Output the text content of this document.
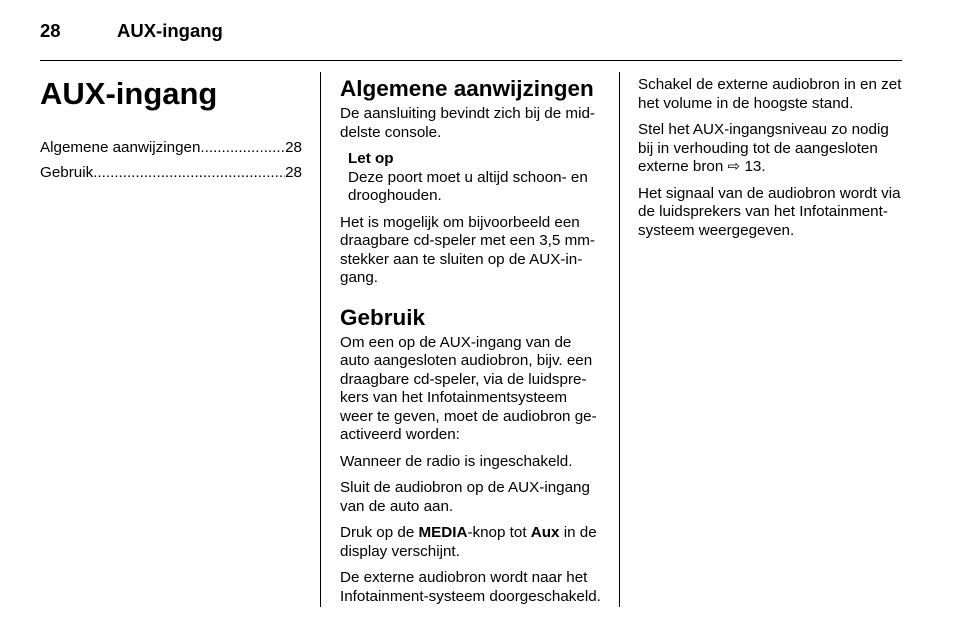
28	AUX-ingang
AUX-ingang
Algemene aanwijzingen .....	28
Gebruik .....	28
Algemene aanwijzingen

De aansluiting bevindt zich bij de middelste console.

Let op
Deze poort moet u altijd schoon- en drooghouden.

Het is mogelijk om bijvoorbeeld een draagbare cd-speler met een 3,5 mm-stekker aan te sluiten op de AUX-ingang.

Gebruik

Om een op de AUX-ingang van de auto aangesloten audiobron, bijv. een draagbare cd-speler, via de luidsprekers van het Infotainmentsysteem weer te geven, moet de audiobron geactiveerd worden:

Wanneer de radio is ingeschakeld.

Sluit de audiobron op de AUX-ingang van de auto aan.

Druk op de MEDIA-knop tot Aux in de display verschijnt.

De externe audiobron wordt naar het Infotainment-systeem doorgeschakeld.

Schakel de externe audiobron in en zet het volume in de hoogste stand.

Stel het AUX-ingangsniveau zo nodig bij in verhouding tot de aangesloten externe bron ⇨ 13.

Het signaal van de audiobron wordt via de luidsprekers van het Infotainment-systeem weergegeven.
